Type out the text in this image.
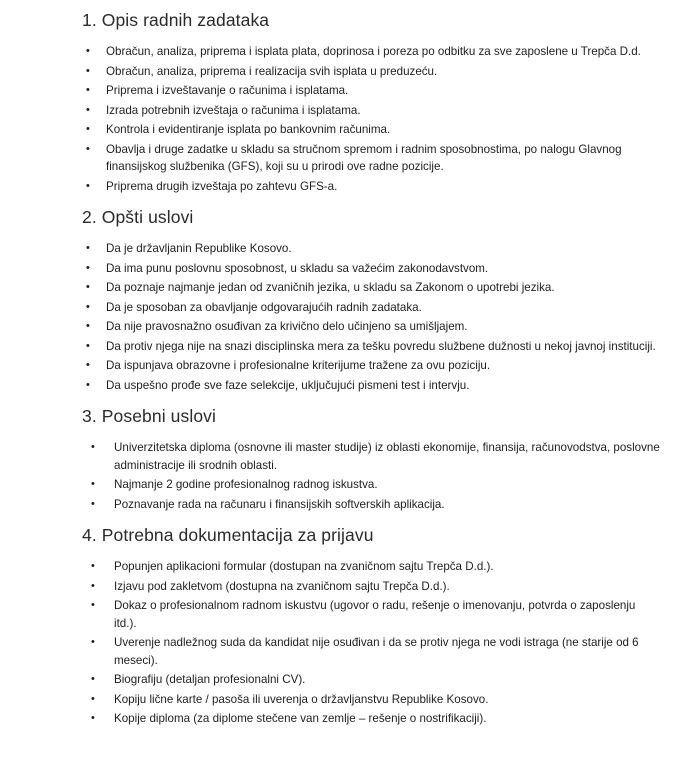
1. Opis radnih zadataka
• Obračun, analiza, priprema i isplata plata, doprinosa i poreza po odbitku za sve zaposlene u Trepča D.d.
• Obračun, analiza, priprema i realizacija svih isplata u preduzeću.
• Priprema i izveštavanje o računima i isplatama.
• Izrada potrebnih izveštaja o računima i isplatama.
• Kontrola i evidentiranje isplata po bankovnim računima.
• Obavlja i druge zadatke u skladu sa stručnom spremom i radnim sposobnostima, po nalogu Glavnog finansijskog službenika (GFS), koji su u prirodi ove radne pozicije.
• Priprema drugih izveštaja po zahtevu GFS-a.
2. Opšti uslovi
• Da je državljanin Republike Kosovo.
• Da ima punu poslovnu sposobnost, u skladu sa važećim zakonodavstvom.
• Da poznaje najmanje jedan od zvaničnih jezika, u skladu sa Zakonom o upotrebi jezika.
• Da je sposoban za obavljanje odgovarajućih radnih zadataka.
• Da nije pravosnažno osuđivan za krivično delo učinjeno sa umišljajem.
• Da protiv njega nije na snazi disciplinska mera za tešku povredu službene dužnosti u nekoj javnoj instituciji.
• Da ispunjava obrazovne i profesionalne kriterijume tražene za ovu poziciju.
• Da uspešno prođe sve faze selekcije, uključujući pismeni test i intervju.
3. Posebni uslovi
• Univerzitetska diploma (osnovne ili master studije) iz oblasti ekonomije, finansija, računovodstva, poslovne administracije ili srodnih oblasti.
• Najmanje 2 godine profesionalnog radnog iskustva.
• Poznavanje rada na računaru i finansijskih softverskih aplikacija.
4. Potrebna dokumentacija za prijavu
• Popunjen aplikacioni formular (dostupan na zvaničnom sajtu Trepča D.d.).
• Izjavu pod zakletvom (dostupna na zvaničnom sajtu Trepča D.d.).
• Dokaz o profesionalnom radnom iskustvu (ugovor o radu, rešenje o imenovanju, potvrda o zaposlenju itd.).
• Uverenje nadležnog suda da kandidat nije osuđivan i da se protiv njega ne vodi istraga (ne starije od 6 meseci).
• Biografiju (detaljan profesionalni CV).
• Kopiju lične karte / pasoša ili uverenja o državljanstvu Republike Kosovo.
• Kopije diploma (za diplome stečene van zemlje – rešenje o nostrifikaciji).
